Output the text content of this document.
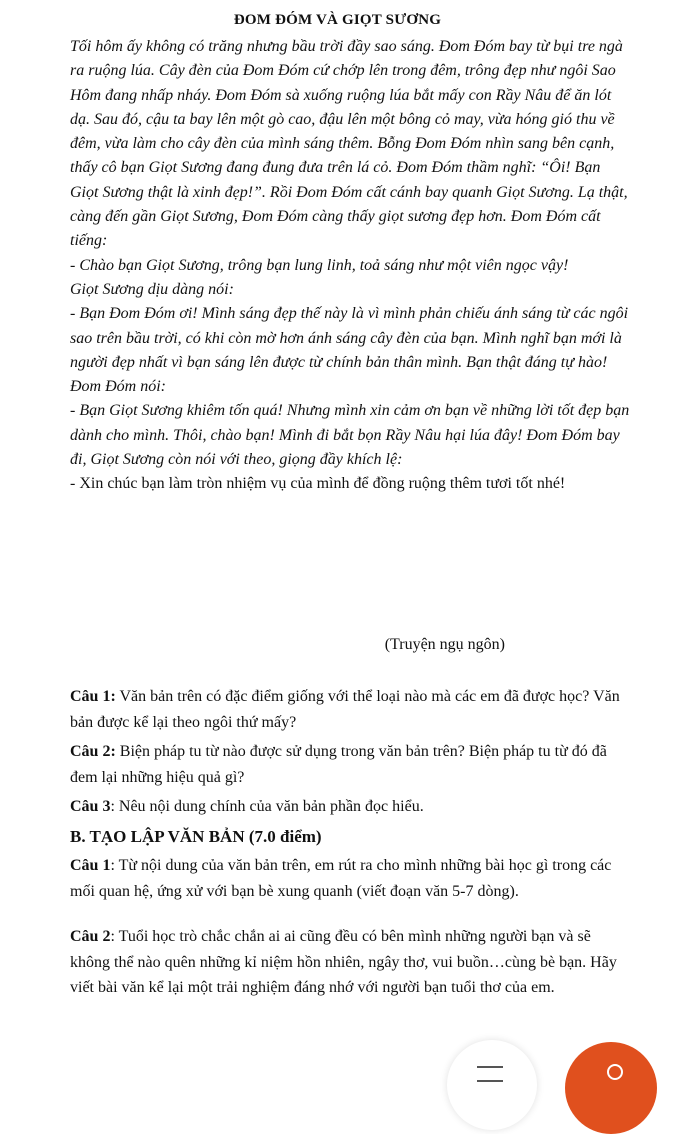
ĐOM ĐÓM VÀ GIỌT SƯƠNG

Tối hôm ấy không có trăng nhưng bầu trời đầy sao sáng. Đom Đóm bay từ bụi tre ngà ra ruộng lúa. Cây đèn của Đom Đóm cứ chớp lên trong đêm, trông đẹp như ngôi Sao Hôm đang nhấp nháy. Đom Đóm sà xuống ruộng lúa bắt mấy con Rầy Nâu để ăn lót dạ. Sau đó, cậu ta bay lên một gò cao, đậu lên một bông cỏ may, vừa hóng gió thu về đêm, vừa làm cho cây đèn của mình sáng thêm. Bỗng Đom Đóm nhìn sang bên cạnh, thấy cô bạn Giọt Sương đang đung đưa trên lá cỏ. Đom Đóm thầm nghĩ: “Ôi! Bạn Giọt Sương thật là xinh đẹp!”. Rồi Đom Đóm cất cánh bay quanh Giọt Sương. Lạ thật, càng đến gần Giọt Sương, Đom Đóm càng thấy giọt sương đẹp hơn. Đom Đóm cất tiếng:

- Chào bạn Giọt Sương, trông bạn lung linh, toả sáng như một viên ngọc vậy!

Giọt Sương dịu dàng nói:

- Bạn Đom Đóm ơi! Mình sáng đẹp thế này là vì mình phản chiếu ánh sáng từ các ngôi sao trên bầu trời, có khi còn mờ hơn ánh sáng cây đèn của bạn. Mình nghĩ bạn mới là người đẹp nhất vì bạn sáng lên được từ chính bản thân mình. Bạn thật đáng tự hào!

Đom Đóm nói:

- Bạn Giọt Sương khiêm tốn quá! Nhưng mình xin cảm ơn bạn về những lời tốt đẹp bạn dành cho mình. Thôi, chào bạn! Mình đi bắt bọn Rầy Nâu hại lúa đây! Đom Đóm bay đi, Giọt Sương còn nói với theo, giọng đầy khích lệ:

- Xin chúc bạn làm tròn nhiệm vụ của mình để đồng ruộng thêm tươi tốt nhé!

(Truyện ngụ ngôn)

Câu 1: Văn bản trên có đặc điểm giống với thể loại nào mà các em đã được học? Văn bản được kể lại theo ngôi thứ mấy?

Câu 2: Biện pháp tu từ nào được sử dụng trong văn bản trên? Biện pháp tu từ đó đã đem lại những hiệu quả gì?

Câu 3: Nêu nội dung chính của văn bản phần đọc hiểu.

B. TẠO LẬP VĂN BẢN (7.0 điểm)

Câu 1: Từ nội dung của văn bản trên, em rút ra cho mình những bài học gì trong các mối quan hệ, ứng xử với bạn bè xung quanh (viết đoạn văn 5-7 dòng).

Câu 2: Tuổi học trò chắc chắn ai ai cũng đều có bên mình những người bạn và sẽ không thể nào quên những kỉ niệm hồn nhiên, ngây thơ, vui buồn…cùng bè bạn. Hãy viết bài văn kể lại một trải nghiệm đáng nhớ với người bạn tuổi thơ của em.
